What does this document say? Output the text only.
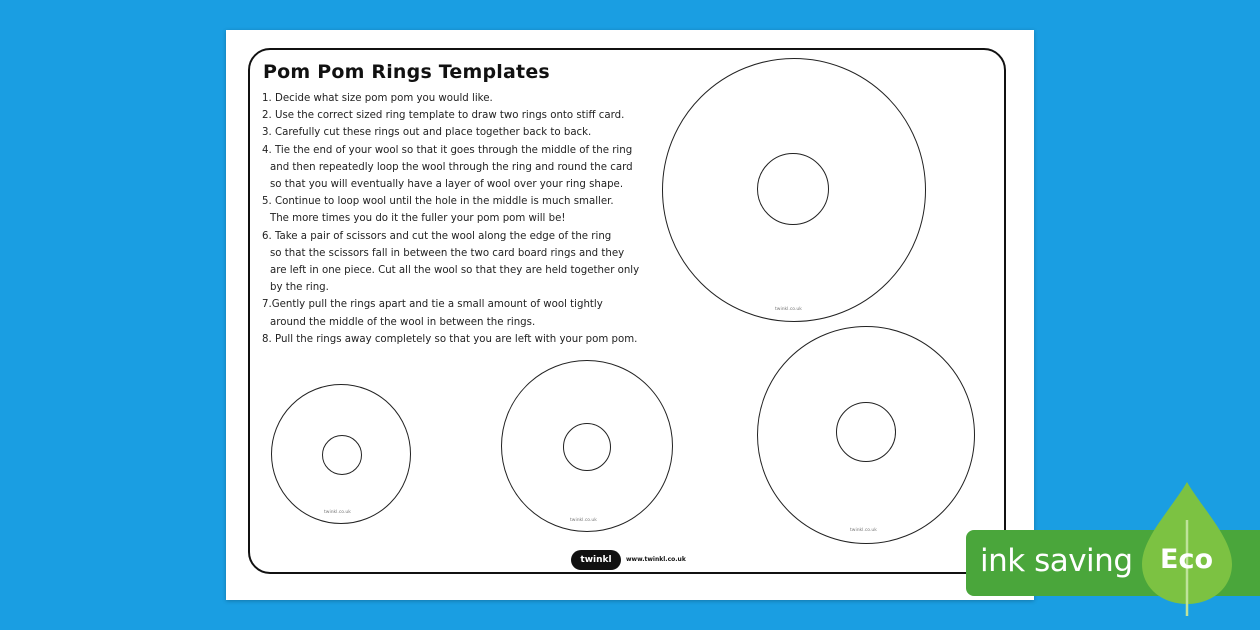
Pom Pom Rings Templates
1. Decide what size pom pom you would like.
2. Use the correct sized ring template to draw two rings onto stiff card.
3. Carefully cut these rings out and place together back to back.
4. Tie the end of your wool so that it goes through the middle of the ring
and then repeatedly loop the wool through the ring and round the card
so that you will eventually have a layer of wool over your ring shape.
5. Continue to loop wool until the hole in the middle is much smaller.
The more times you do it the fuller your pom pom will be!
6. Take a pair of scissors and cut the wool along the edge of the ring
so that the scissors fall in between the two card board rings and they
are left in one piece. Cut all the wool so that they are held together only
by the ring.
7.Gently pull the rings apart and tie a small amount of wool tightly
around the middle of the wool in between the rings.
8. Pull the rings away completely so that you are left with your pom pom.
twinkl.co.uk
twinkl.co.uk
twinkl.co.uk
twinkl.co.uk
twinkl	www.twinkl.co.uk	ink saving Eco
